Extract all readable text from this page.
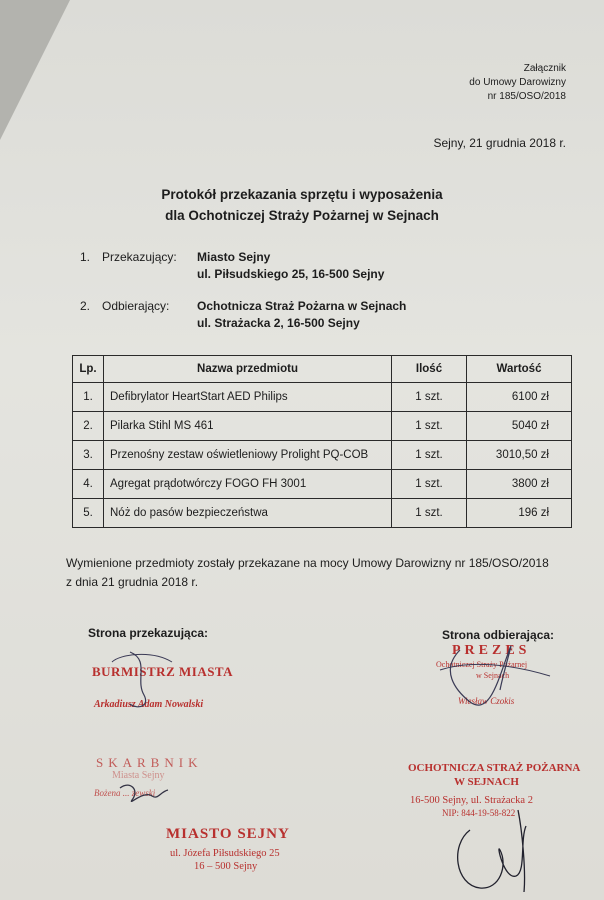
Załącznik
do Umowy Darowizny
nr 185/OSO/2018
Sejny, 21 grudnia 2018 r.
Protokół przekazania sprzętu i wyposażenia
dla Ochotniczej Straży Pożarnej w Sejnach
1. Przekazujący: Miasto Sejny
ul. Piłsudskiego 25, 16-500 Sejny
2. Odbierający: Ochotnicza Straż Pożarna w Sejnach
ul. Strażacka 2, 16-500 Sejny
Lp.	Nazwa przedmiotu	Ilość	Wartość
1.	Defibrylator HeartStart AED Philips	1 szt.	6100 zł
2.	Pilarka Stihl MS 461	1 szt.	5040 zł
3.	Przenośny zestaw oświetleniowy Prolight PQ-COB	1 szt.	3010,50 zł
4.	Agregat prądotwórczy FOGO FH 3001	1 szt.	3800 zł
5.	Nóż do pasów bezpieczeństwa	1 szt.	196 zł
Wymienione przedmioty zostały przekazane na mocy Umowy Darowizny nr 185/OSO/2018
z dnia 21 grudnia 2018 r.
Strona przekazująca:
BURMISTRZ MIASTA
Arkadiusz Adam Nowalski
SKARBNIK
Miasta Sejny
Bożena ... zewski
MIASTO SEJNY
ul. Józefa Piłsudskiego 25
16 – 500 Sejny
Strona odbierająca:
PREZES
Ochotniczej Straży Pożarnej
w Sejnach
Wiesław Czokis
OCHOTNICZA STRAŻ POŻARNA
W SEJNACH
16-500 Sejny, ul. Strażacka 2
NIP: 844-19-58-822
